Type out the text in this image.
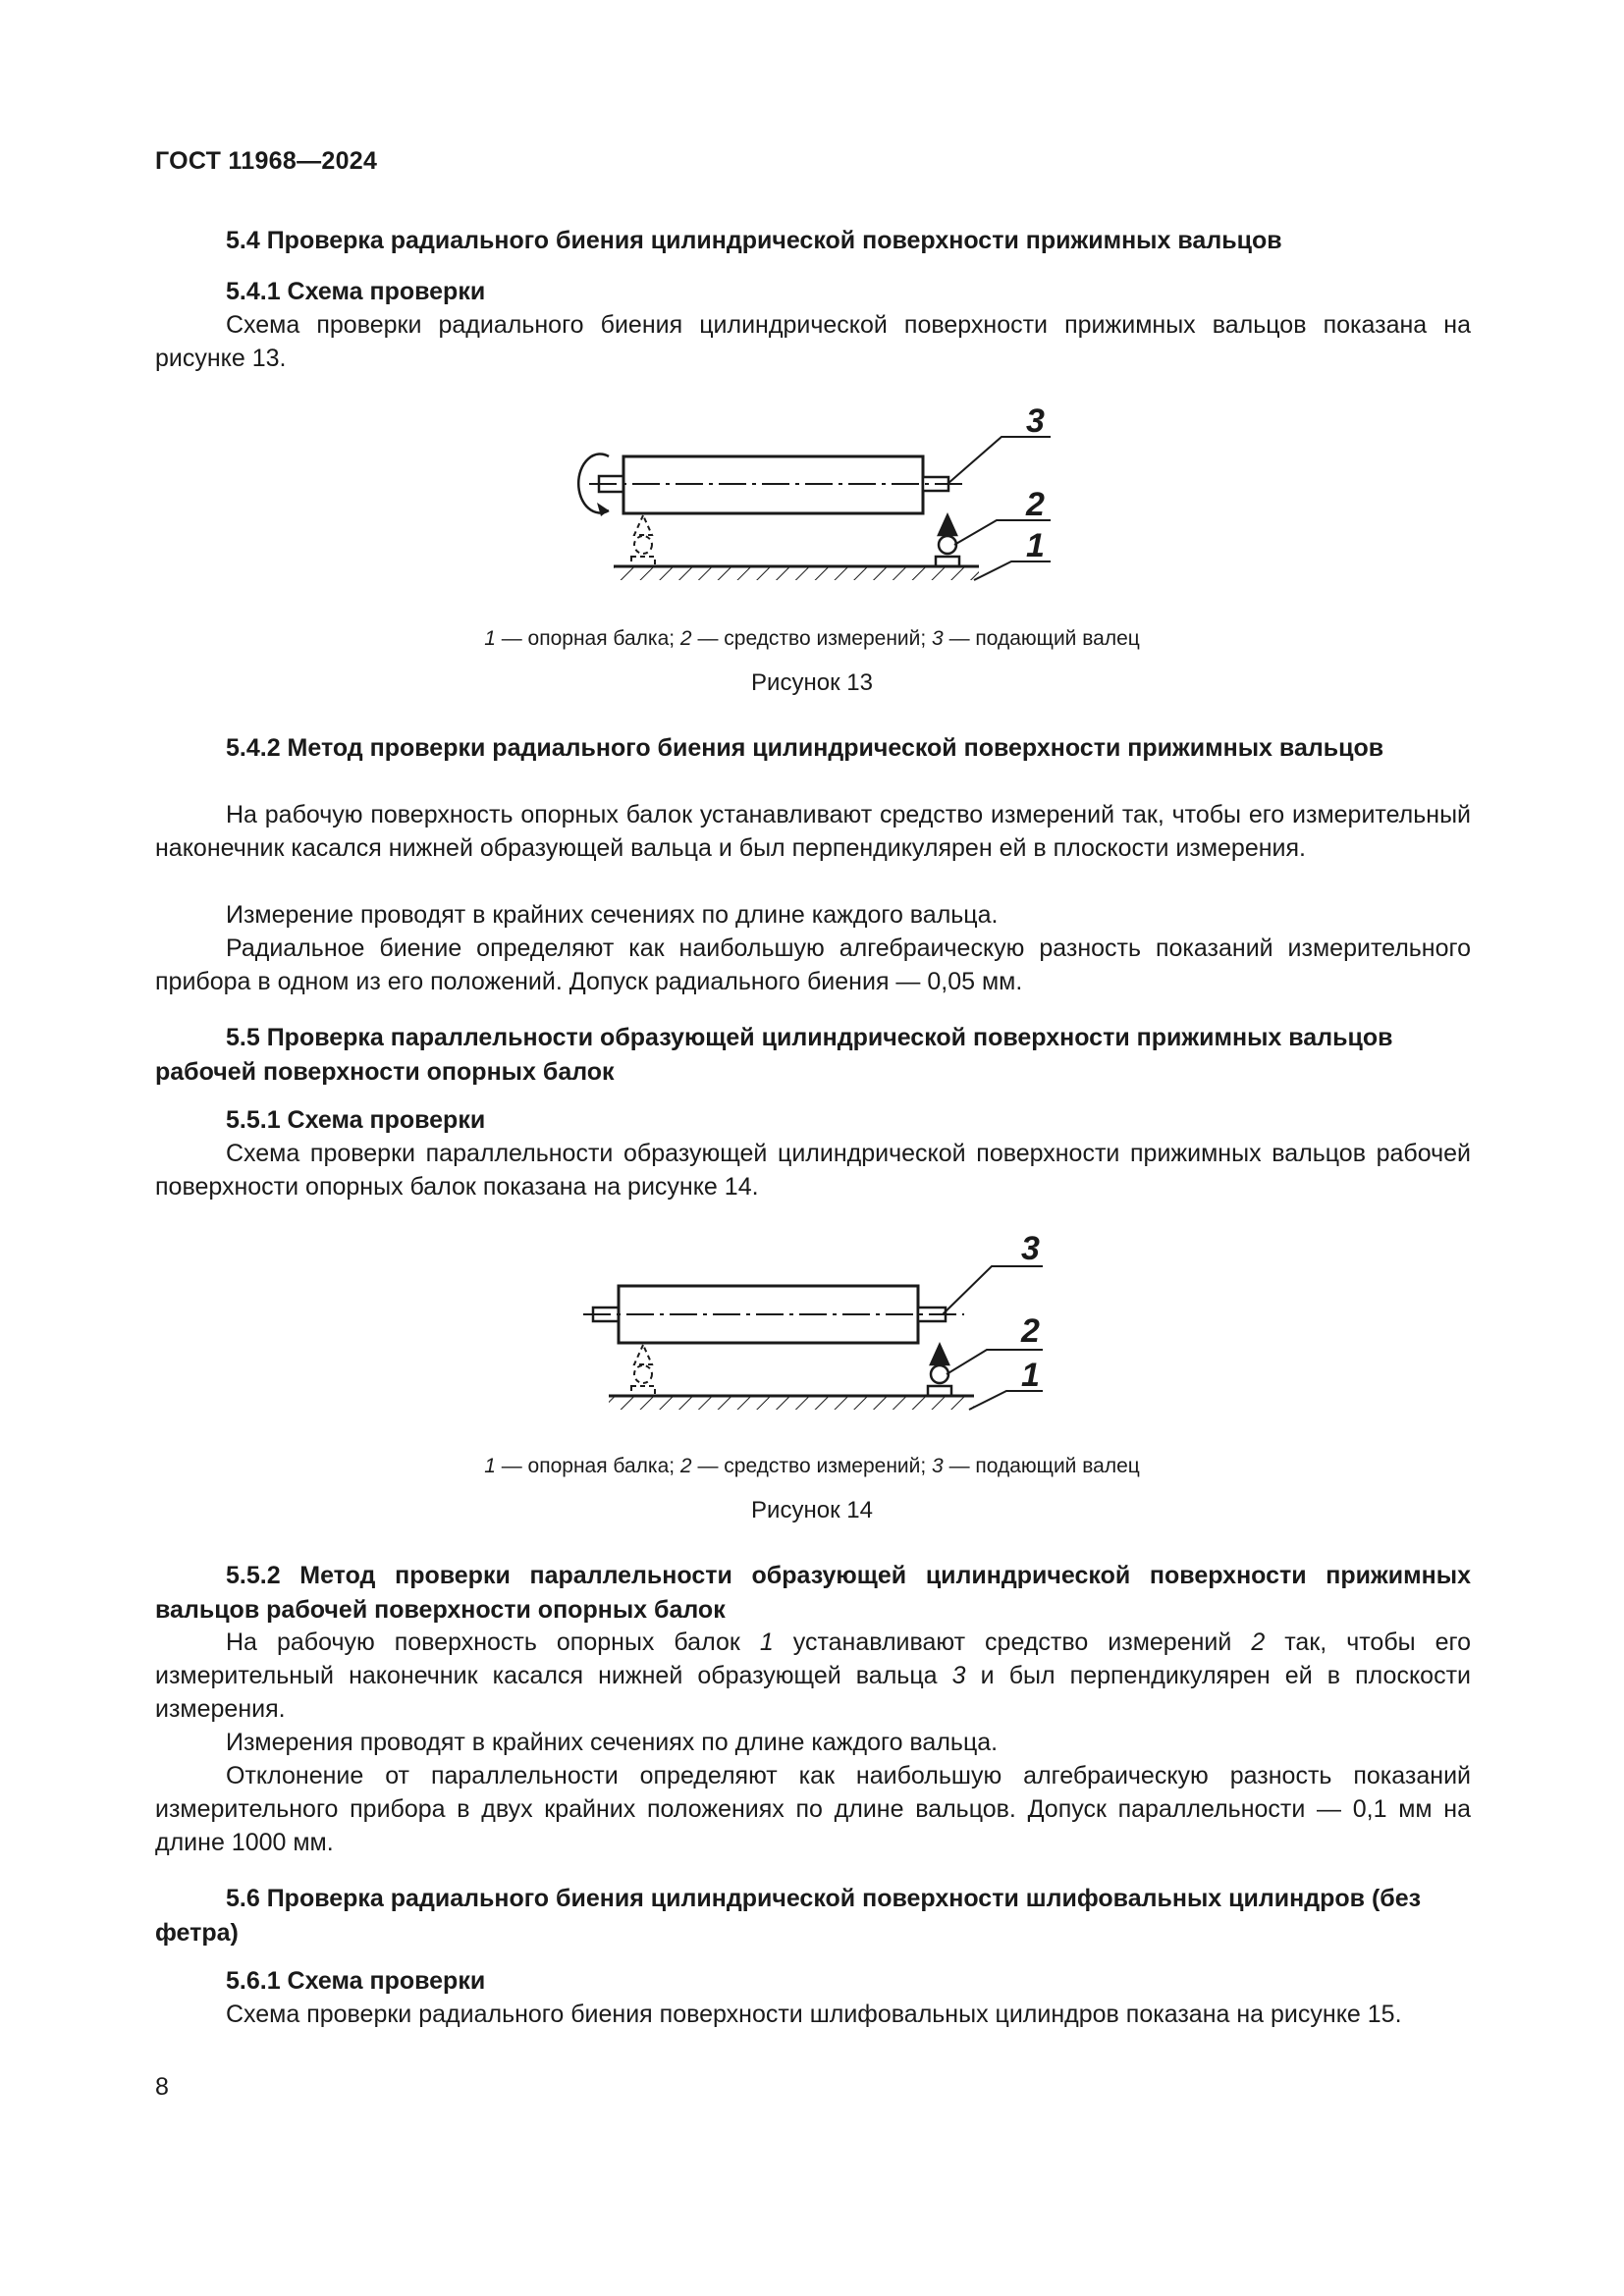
ГОСТ 11968—2024
5.4 Проверка радиального биения цилиндрической поверхности прижимных вальцов
5.4.1 Схема проверки
Схема проверки радиального биения цилиндрической поверхности прижимных вальцов показана на рисунке 13.
3
2
1
1 — опорная балка; 2 — средство измерений; 3 — подающий валец
Рисунок 13
5.4.2 Метод проверки радиального биения цилиндрической поверхности прижимных вальцов
На рабочую поверхность опорных балок устанавливают средство измерений так, чтобы его измерительный наконечник касался нижней образующей вальца и был перпендикулярен ей в плоскости измерения.
Измерение проводят в крайних сечениях по длине каждого вальца.
Радиальное биение определяют как наибольшую алгебраическую разность показаний измерительного прибора в одном из его положений. Допуск радиального биения — 0,05 мм.
5.5 Проверка параллельности образующей цилиндрической поверхности прижимных вальцов рабочей поверхности опорных балок
5.5.1 Схема проверки
Схема проверки параллельности образующей цилиндрической поверхности прижимных вальцов рабочей поверхности опорных балок показана на рисунке 14.
3
2
1
1 — опорная балка; 2 — средство измерений; 3 — подающий валец
Рисунок 14
5.5.2 Метод проверки параллельности образующей цилиндрической поверхности прижимных вальцов рабочей поверхности опорных балок
На рабочую поверхность опорных балок 1 устанавливают средство измерений 2 так, чтобы его измерительный наконечник касался нижней образующей вальца 3 и был перпендикулярен ей в плоскости измерения.
Измерения проводят в крайних сечениях по длине каждого вальца.
Отклонение от параллельности определяют как наибольшую алгебраическую разность показаний измерительного прибора в двух крайних положениях по длине вальцов. Допуск параллельности — 0,1 мм на длине 1000 мм.
5.6 Проверка радиального биения цилиндрической поверхности шлифовальных цилиндров (без фетра)
5.6.1 Схема проверки
Схема проверки радиального биения поверхности шлифовальных цилиндров показана на рисунке 15.
8
